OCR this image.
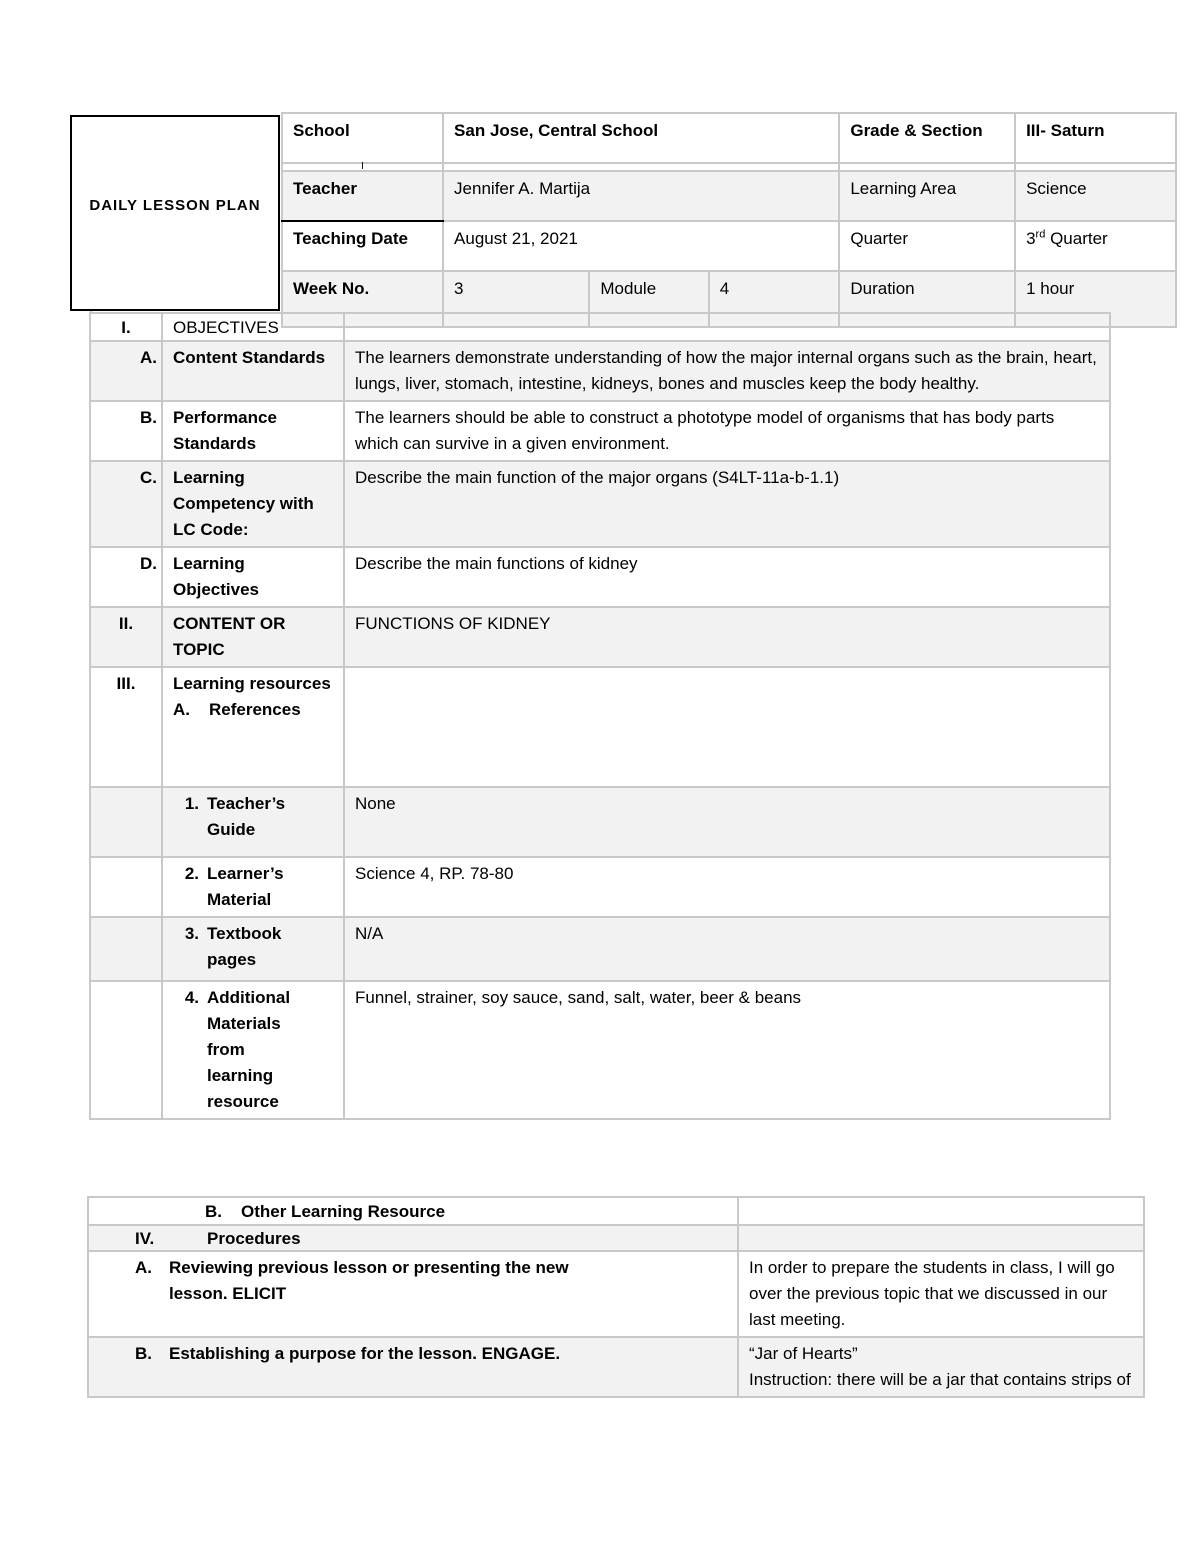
DAILY LESSON PLAN
School	San Jose, Central School			Grade & Section	III- Saturn
I					
Teacher	Jennifer A. Martija			Learning Area	Science
Teaching Date	August 21, 2021			Quarter	3rd Quarter
Week No.	3	Module	4	Duration	1 hour
I.	OBJECTIVES	
A.	Content Standards	The learners demonstrate understanding of how the major internal organs such as the brain, heart, lungs, liver, stomach, intestine, kidneys, bones and muscles keep the body healthy.
B.	Performance Standards	The learners should be able to construct a phototype model of organisms that has body parts which can survive in a given environment.
C.	Learning Competency with LC Code:	Describe the main function of the major organs (S4LT-11a-b-1.1)
D.	Learning Objectives	Describe the main functions of kidney
II.	CONTENT OR TOPIC	FUNCTIONS OF KIDNEY
III.	Learning resources
A. References	

	1. Teacher’s Guide	None
	2. Learner’s Material	Science 4, RP. 78-80
	3. Textbook pages	N/A
	4. Additional Materials from learning resource	Funnel, strainer, soy sauce, sand, salt, water, beer & beans
B. Other Learning Resource	
IV. Procedures	
A. Reviewing previous lesson or presenting the new lesson. ELICIT	In order to prepare the students in class, I will go over the previous topic that we discussed in our last meeting.
B. Establishing a purpose for the lesson. ENGAGE.	“Jar of Hearts”
Instruction: there will be a jar that contains strips of
